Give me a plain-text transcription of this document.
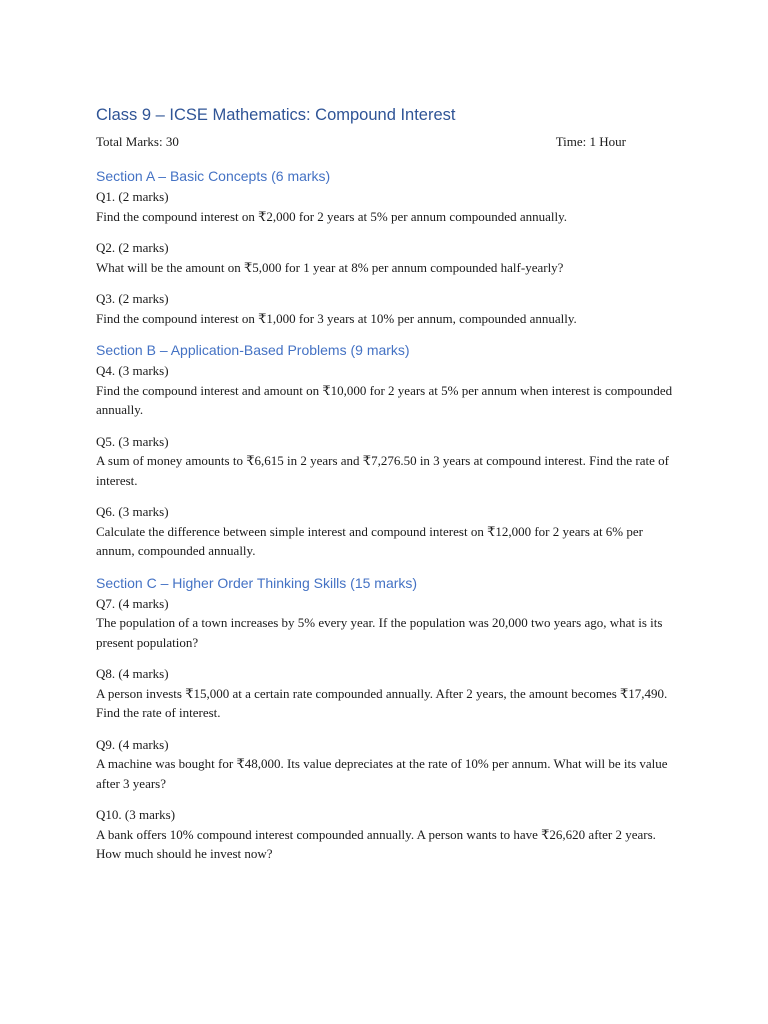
Class 9 – ICSE Mathematics: Compound Interest
Total Marks: 30	Time: 1 Hour
Section A – Basic Concepts (6 marks)
Q1. (2 marks)
Find the compound interest on ₹2,000 for 2 years at 5% per annum compounded annually.
Q2. (2 marks)
What will be the amount on ₹5,000 for 1 year at 8% per annum compounded half-yearly?
Q3. (2 marks)
Find the compound interest on ₹1,000 for 3 years at 10% per annum, compounded annually.
Section B – Application-Based Problems (9 marks)
Q4. (3 marks)
Find the compound interest and amount on ₹10,000 for 2 years at 5% per annum when interest is compounded annually.
Q5. (3 marks)
A sum of money amounts to ₹6,615 in 2 years and ₹7,276.50 in 3 years at compound interest. Find the rate of interest.
Q6. (3 marks)
Calculate the difference between simple interest and compound interest on ₹12,000 for 2 years at 6% per annum, compounded annually.
Section C – Higher Order Thinking Skills (15 marks)
Q7. (4 marks)
The population of a town increases by 5% every year. If the population was 20,000 two years ago, what is its present population?
Q8. (4 marks)
A person invests ₹15,000 at a certain rate compounded annually. After 2 years, the amount becomes ₹17,490. Find the rate of interest.
Q9. (4 marks)
A machine was bought for ₹48,000. Its value depreciates at the rate of 10% per annum. What will be its value after 3 years?
Q10. (3 marks)
A bank offers 10% compound interest compounded annually. A person wants to have ₹26,620 after 2 years. How much should he invest now?
